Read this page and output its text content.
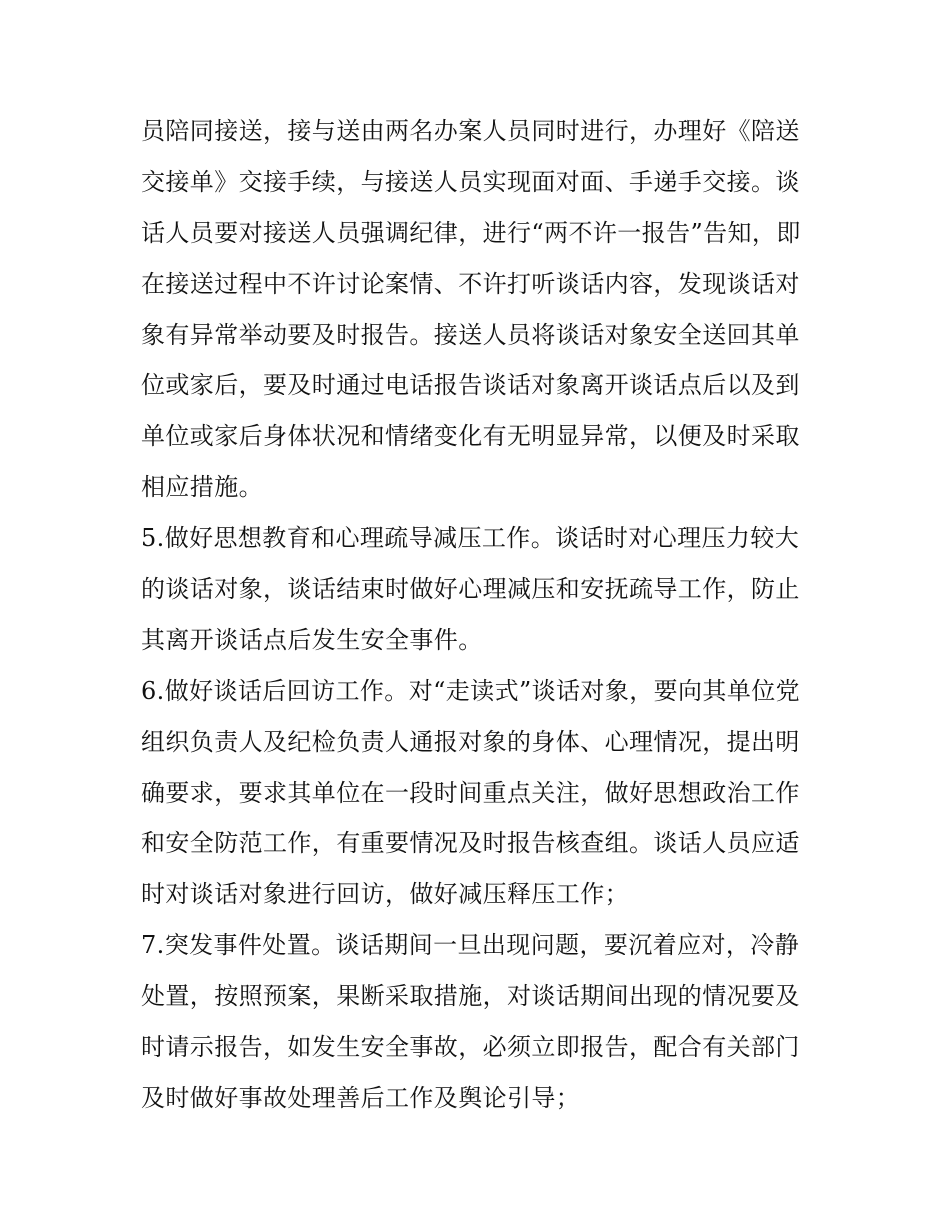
员陪同接送，接与送由两名办案人员同时进行，办理好《陪送
交接单》交接手续，与接送人员实现面对面、手递手交接。谈
话人员要对接送人员强调纪律，进行“两不许一报告”告知，即
在接送过程中不许讨论案情、不许打听谈话内容，发现谈话对
象有异常举动要及时报告。接送人员将谈话对象安全送回其单
位或家后，要及时通过电话报告谈话对象离开谈话点后以及到
单位或家后身体状况和情绪变化有无明显异常，以便及时采取
相应措施。
5.做好思想教育和心理疏导减压工作。谈话时对心理压力较大
的谈话对象，谈话结束时做好心理减压和安抚疏导工作，防止
其离开谈话点后发生安全事件。
6.做好谈话后回访工作。对“走读式”谈话对象，要向其单位党
组织负责人及纪检负责人通报对象的身体、心理情况，提出明
确要求，要求其单位在一段时间重点关注，做好思想政治工作
和安全防范工作，有重要情况及时报告核查组。谈话人员应适
时对谈话对象进行回访，做好减压释压工作；
7.突发事件处置。谈话期间一旦出现问题，要沉着应对，冷静
处置，按照预案，果断采取措施，对谈话期间出现的情况要及
时请示报告，如发生安全事故，必须立即报告，配合有关部门
及时做好事故处理善后工作及舆论引导；
